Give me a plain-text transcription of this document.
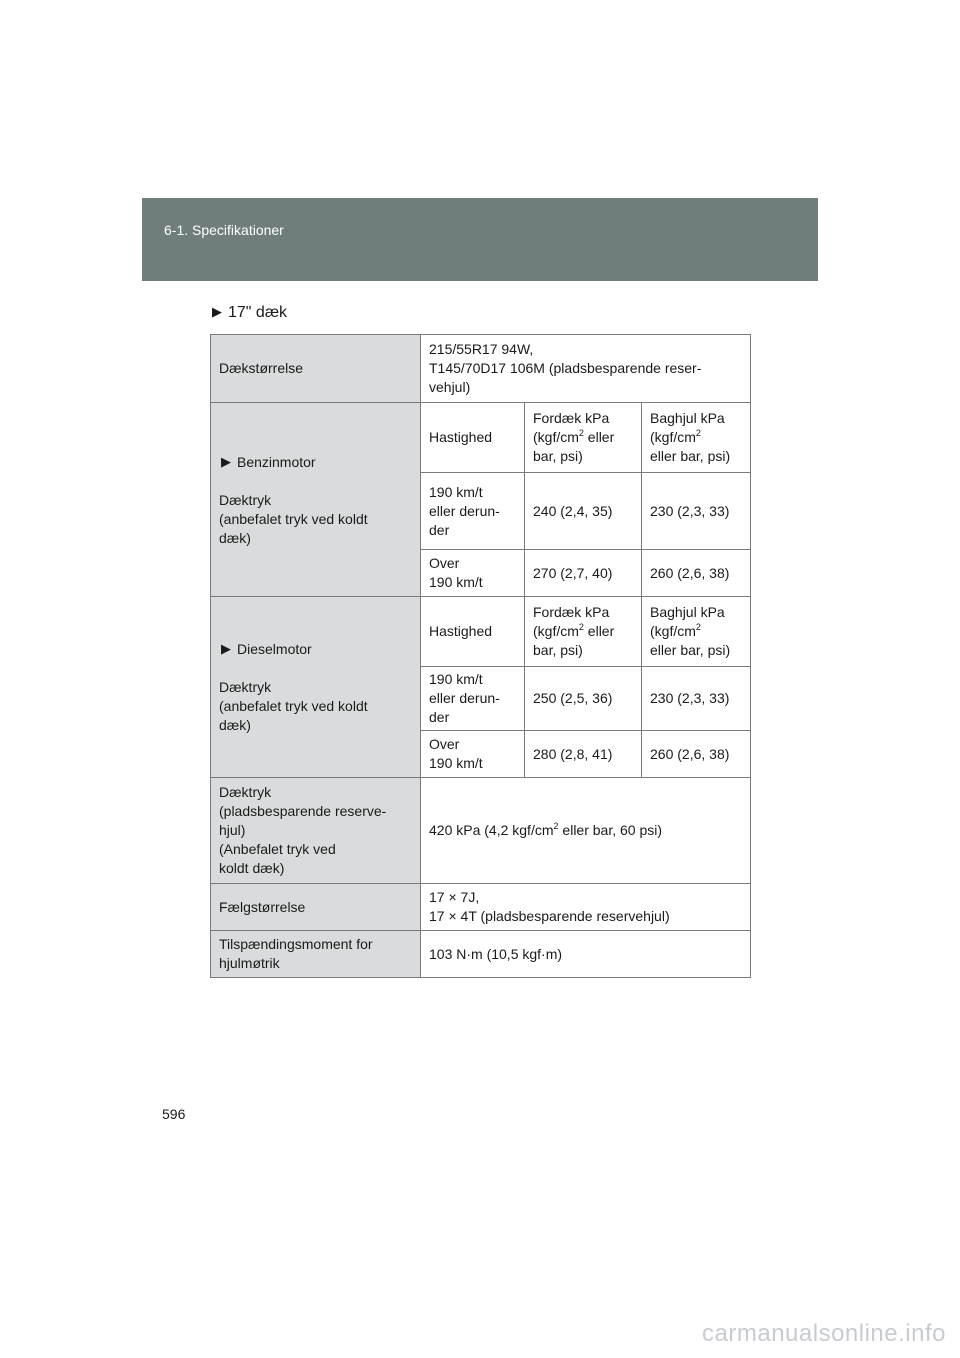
6-1. Specifikationer
▶ 17" dæk
Dækstørrelse	215/55R17 94W,
T145/70D17 106M (pladsbesparende reser-
vehjul)		

▶ Benzinmotor
Dæktryk
(anbefalet tryk ved koldt
dæk)	Hastighed	Fordæk kPa
($kgf/cm^2$ eller
bar, psi)	Baghjul kPa
($kgf/cm^2$
eller bar, psi)
	190 km/t
eller derun-
der	240 (2,4, 35)	230 (2,3, 33)
	Over
190 km/t	270 (2,7, 40)	260 (2,6, 38)

▶ Dieselmotor
Dæktryk
(anbefalet tryk ved koldt
dæk)	Hastighed	Fordæk kPa
($kgf/cm^2$ eller
bar, psi)	Baghjul kPa
($kgf/cm^2$
eller bar, psi)
	190 km/t
eller derun-
der	250 (2,5, 36)	230 (2,3, 33)
	Over
190 km/t	280 (2,8, 41)	260 (2,6, 38)
Dæktryk
(pladsbesparende reserve-
hjul)
(Anbefalet tryk ved
koldt dæk)	420 kPa (4,2 kgf/$cm^2$ eller bar, 60 psi)		
Fælgstørrelse	17 × 7J,
17 × 4T (pladsbesparende reservehjul)		
Tilspændingsmoment for
hjulmøtrik	103 N·m (10,5 kgf·m)		
596
carmanualsonline.info
